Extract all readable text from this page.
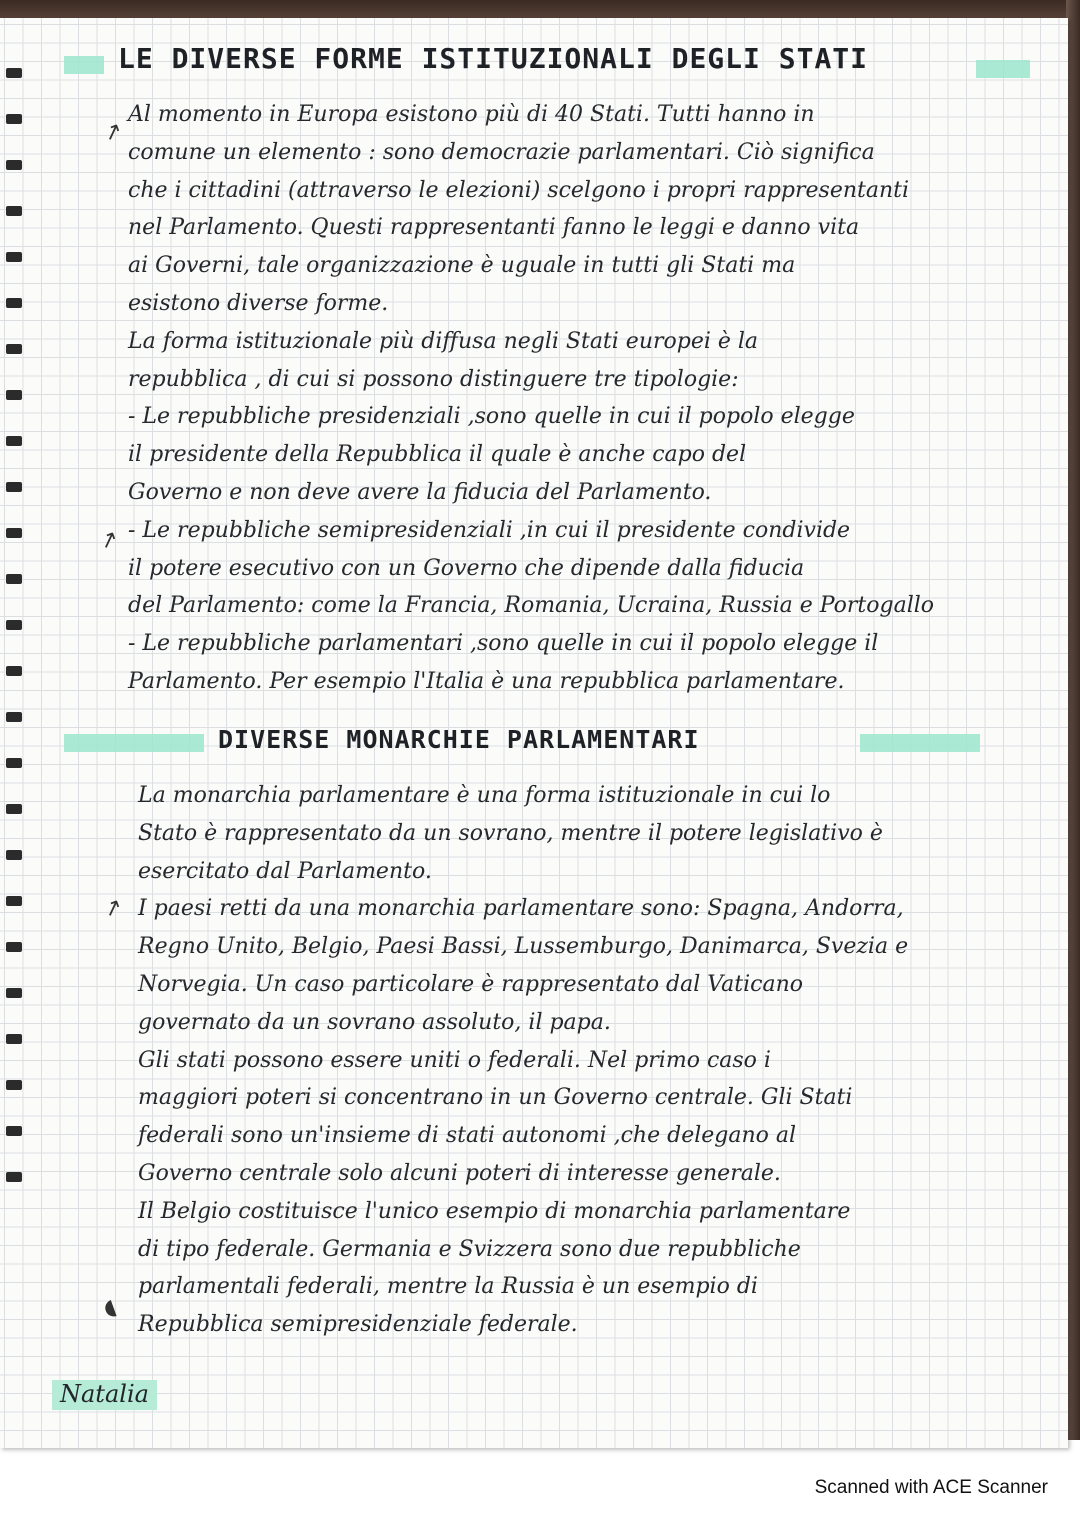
LE DIVERSE FORME ISTITUZIONALI DEGLI STATI
↗
Al momento in Europa esistono più di 40 Stati. Tutti hanno in
comune un elemento : sono democrazie parlamentari. Ciò significa
che i cittadini (attraverso le elezioni) scelgono i propri rappresentanti
nel Parlamento. Questi rappresentanti fanno le leggi e danno vita
ai Governi, tale organizzazione è uguale in tutti gli Stati ma
esistono diverse forme.
La forma istituzionale più diffusa negli Stati europei è la
repubblica , di cui si possono distinguere tre tipologie:
- Le repubbliche presidenziali ,sono quelle in cui il popolo elegge
il presidente della Repubblica il quale è anche capo del
Governo e non deve avere la fiducia del Parlamento.
- Le repubbliche semipresidenziali ,in cui il presidente condivide
il potere esecutivo con un Governo che dipende dalla fiducia
del Parlamento: come la Francia, Romania, Ucraina, Russia e Portogallo
- Le repubbliche parlamentari ,sono quelle in cui il popolo elegge il
Parlamento. Per esempio l'Italia è una repubblica parlamentare.
↗
DIVERSE MONARCHIE PARLAMENTARI
↗
◖
La monarchia parlamentare è una forma istituzionale in cui lo
Stato è rappresentato da un sovrano, mentre il potere legislativo è
esercitato dal Parlamento.
I paesi retti da una monarchia parlamentare sono: Spagna, Andorra,
Regno Unito, Belgio, Paesi Bassi, Lussemburgo, Danimarca, Svezia e
Norvegia. Un caso particolare è rappresentato dal Vaticano
governato da un sovrano assoluto, il papa.
Gli stati possono essere uniti o federali. Nel primo caso i
maggiori poteri si concentrano in un Governo centrale. Gli Stati
federali sono un'insieme di stati autonomi ,che delegano al
Governo centrale solo alcuni poteri di interesse generale.
Il Belgio costituisce l'unico esempio di monarchia parlamentare
di tipo federale. Germania e Svizzera sono due repubbliche
parlamentali federali, mentre la Russia è un esempio di
Repubblica semipresidenziale federale.
Natalia
Scanned with ACE Scanner
